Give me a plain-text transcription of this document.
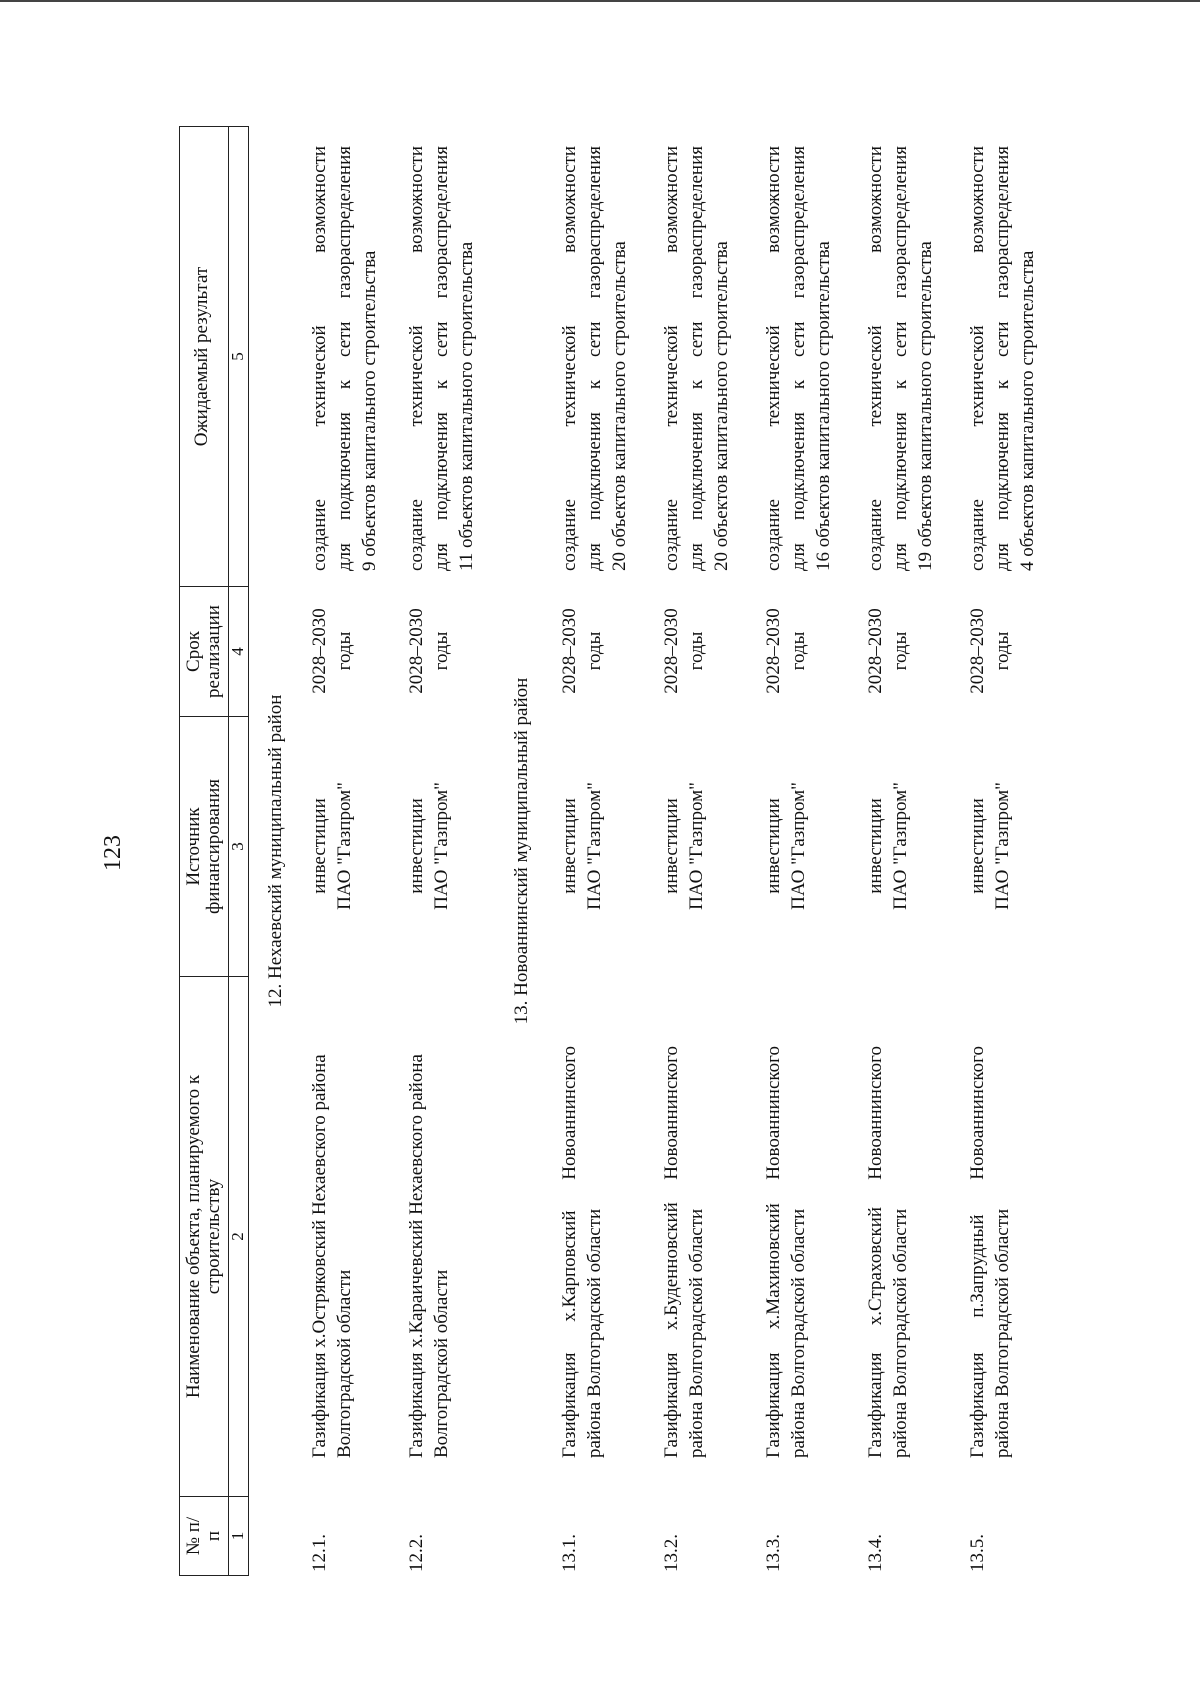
123
№ п/п 1
Наименование объекта, планируемого к строительству 2
Источник финансирования 3
Срок реализации 4
Ожидаемый результат 5
12. Нехаевский муниципальный район
12.1.
Газификация х.Остряковский Нехаевского района Волгоградской области
инвестиции ПАО "Газпром"
2028–2030 годы
создание
технической
возможности для подключения к сети газораспределения 9 объектов капитального строительства
12.2.
Газификация х.Караичевский Нехаевского района Волгоградской области
инвестиции ПАО "Газпром"
2028–2030 годы
создание
технической
возможности для подключения к сети газораспределения 11 объектов капитального строительства
13. Новоаннинский муниципальный район
13.1.
Газификация
х.Карповский
Новоаннинского
района Волгоградской области
инвестиции ПАО "Газпром"
2028–2030 годы
создание
технической
возможности для подключения к сети газораспределения 20 объектов капитального строительства
13.2.
Газификация
х.Буденновский
Новоаннинского
района Волгоградской области
инвестиции ПАО "Газпром"
2028–2030 годы
создание
технической
возможности для подключения к сети газораспределения 20 объектов капитального строительства
13.3.
Газификация
х.Махиновский
Новоаннинского
района Волгоградской области
инвестиции ПАО "Газпром"
2028–2030 годы
создание
технической
возможности для подключения к сети газораспределения 16 объектов капитального строительства
13.4.
Газификация
х.Страховский
Новоаннинского
района Волгоградской области
инвестиции ПАО "Газпром"
2028–2030 годы
создание
технической
возможности для подключения к сети газораспределения 19 объектов капитального строительства
13.5.
Газификация
п.Запрудный
Новоаннинского
района Волгоградской области
инвестиции ПАО "Газпром"
2028–2030 годы
создание
технической
возможности для подключения к сети газораспределения 4 объектов капитального строительства
